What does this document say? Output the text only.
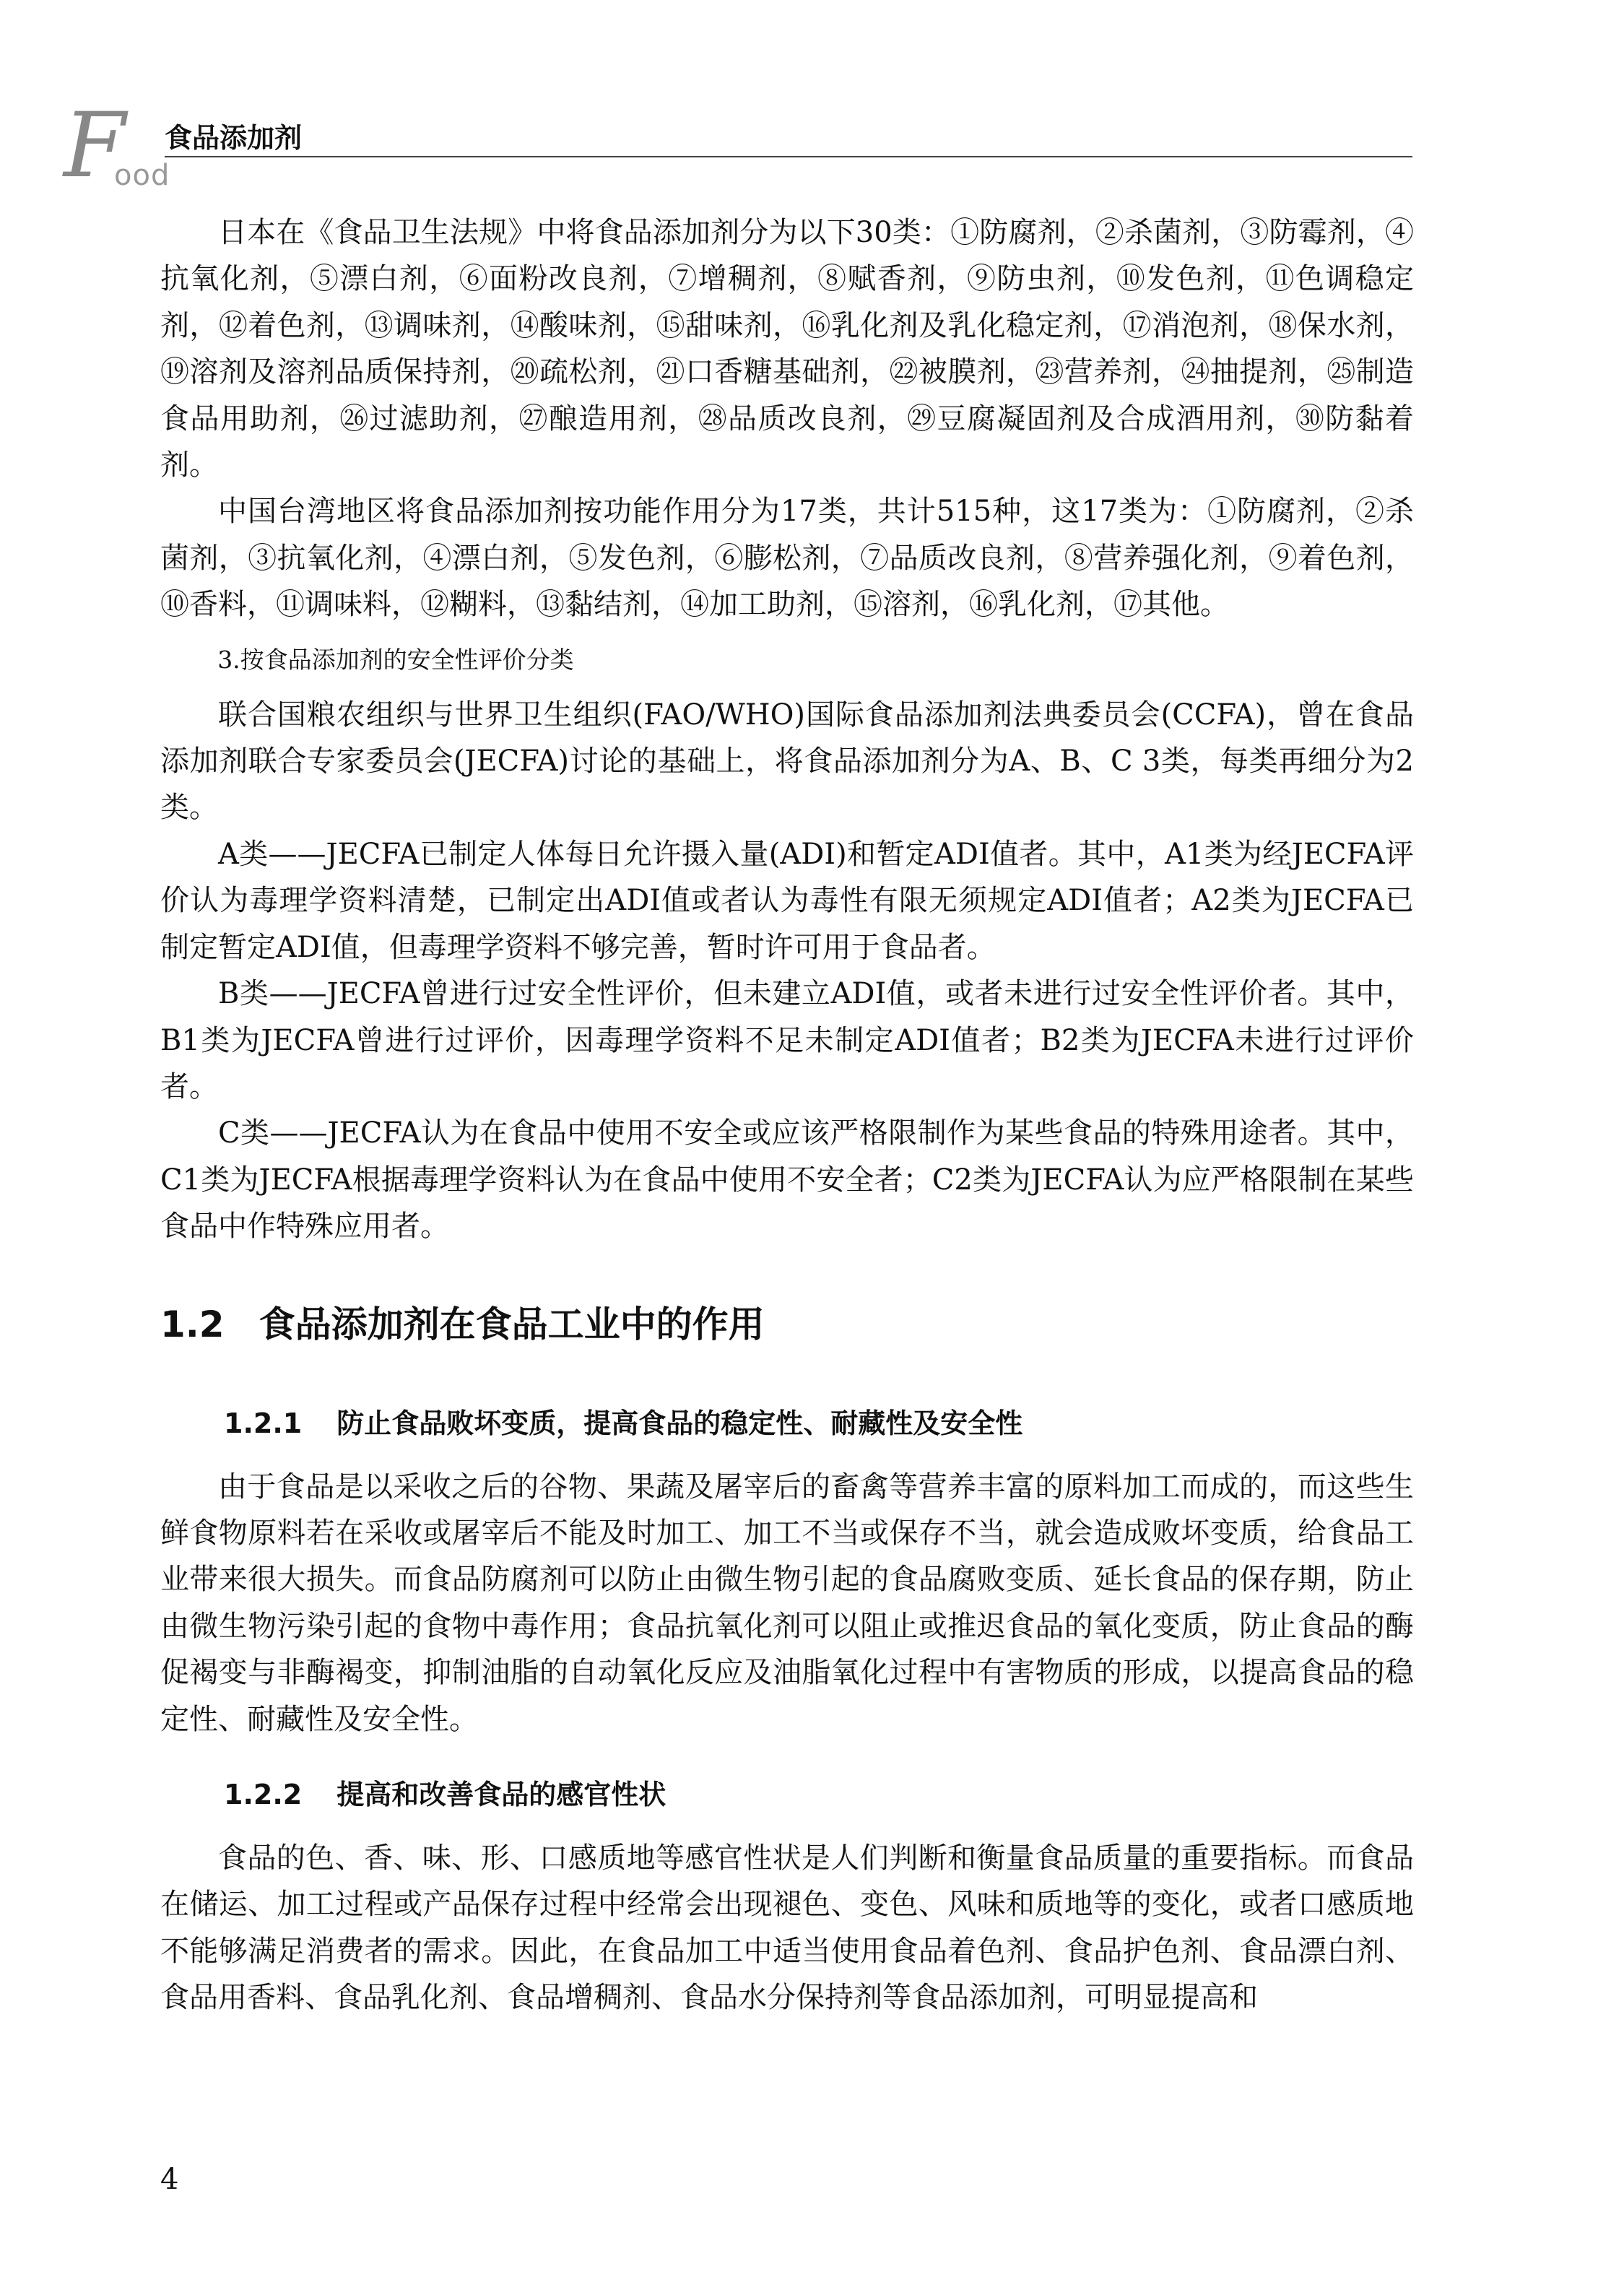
F
ood
食品添加剂

日本在《食品卫生法规》中将食品添加剂分为以下30类：①防腐剂，②杀菌剂，③防霉剂，④抗氧化剂，⑤漂白剂，⑥面粉改良剂，⑦增稠剂，⑧赋香剂，⑨防虫剂，⑩发色剂，⑪色调稳定剂，⑫着色剂，⑬调味剂，⑭酸味剂，⑮甜味剂，⑯乳化剂及乳化稳定剂，⑰消泡剂，⑱保水剂，⑲溶剂及溶剂品质保持剂，⑳疏松剂，㉑口香糖基础剂，㉒被膜剂，㉓营养剂，㉔抽提剂，㉕制造食品用助剂，㉖过滤助剂，㉗酿造用剂，㉘品质改良剂，㉙豆腐凝固剂及合成酒用剂，㉚防黏着剂。

中国台湾地区将食品添加剂按功能作用分为17类，共计515种，这17类为：①防腐剂，②杀菌剂，③抗氧化剂，④漂白剂，⑤发色剂，⑥膨松剂，⑦品质改良剂，⑧营养强化剂，⑨着色剂，⑩香料，⑪调味料，⑫糊料，⑬黏结剂，⑭加工助剂，⑮溶剂，⑯乳化剂，⑰其他。

3.按食品添加剂的安全性评价分类

联合国粮农组织与世界卫生组织(FAO/WHO)国际食品添加剂法典委员会(CCFA)，曾在食品添加剂联合专家委员会(JECFA)讨论的基础上，将食品添加剂分为A、B、C 3类，每类再细分为2类。

A类——JECFA已制定人体每日允许摄入量(ADI)和暂定ADI值者。其中，A1类为经JECFA评价认为毒理学资料清楚，已制定出ADI值或者认为毒性有限无须规定ADI值者；A2类为JECFA已制定暂定ADI值，但毒理学资料不够完善，暂时许可用于食品者。

B类——JECFA曾进行过安全性评价，但未建立ADI值，或者未进行过安全性评价者。其中，B1类为JECFA曾进行过评价，因毒理学资料不足未制定ADI值者；B2类为JECFA未进行过评价者。

C类——JECFA认为在食品中使用不安全或应该严格限制作为某些食品的特殊用途者。其中，C1类为JECFA根据毒理学资料认为在食品中使用不安全者；C2类为JECFA认为应严格限制在某些食品中作特殊应用者。

1.2 食品添加剂在食品工业中的作用
1.2.1 防止食品败坏变质，提高食品的稳定性、耐藏性及安全性

由于食品是以采收之后的谷物、果蔬及屠宰后的畜禽等营养丰富的原料加工而成的，而这些生鲜食物原料若在采收或屠宰后不能及时加工、加工不当或保存不当，就会造成败坏变质，给食品工业带来很大损失。而食品防腐剂可以防止由微生物引起的食品腐败变质、延长食品的保存期，防止由微生物污染引起的食物中毒作用；食品抗氧化剂可以阻止或推迟食品的氧化变质，防止食品的酶促褐变与非酶褐变，抑制油脂的自动氧化反应及油脂氧化过程中有害物质的形成，以提高食品的稳定性、耐藏性及安全性。

1.2.2 提高和改善食品的感官性状

食品的色、香、味、形、口感质地等感官性状是人们判断和衡量食品质量的重要指标。而食品在储运、加工过程或产品保存过程中经常会出现褪色、变色、风味和质地等的变化，或者口感质地不能够满足消费者的需求。因此，在食品加工中适当使用食品着色剂、食品护色剂、食品漂白剂、食品用香料、食品乳化剂、食品增稠剂、食品水分保持剂等食品添加剂，可明显提高和

4
